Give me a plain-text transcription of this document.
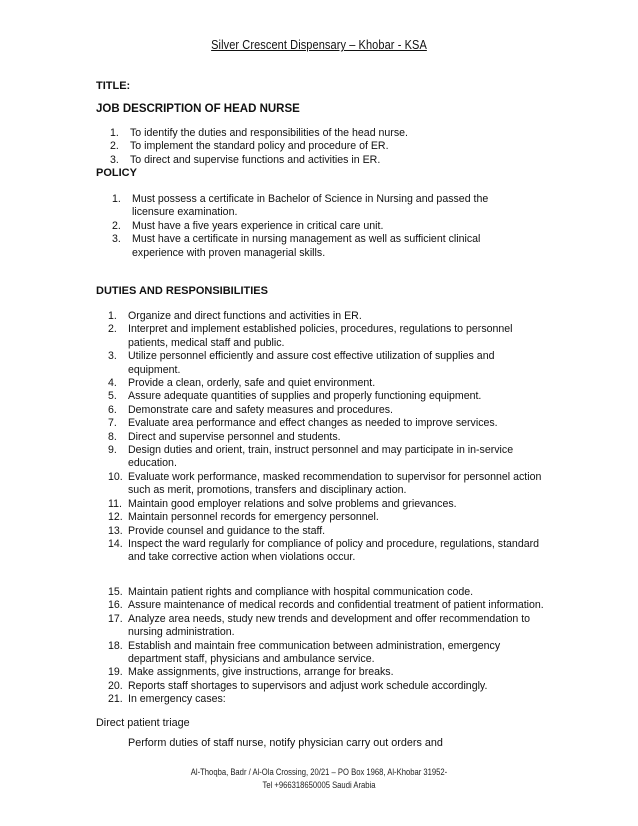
Silver Crescent Dispensary – Khobar - KSA
TITLE:
JOB DESCRIPTION OF HEAD NURSE
1. To identify the duties and responsibilities of the head nurse.
2. To implement the standard policy and procedure of ER.
3. To direct and supervise functions and activities in ER.
POLICY
1. Must possess a certificate in Bachelor of Science in Nursing and passed the licensure examination.
2. Must have a five years experience in critical care unit.
3. Must have a certificate in nursing management as well as sufficient clinical experience with proven managerial skills.
DUTIES AND RESPONSIBILITIES
1. Organize and direct functions and activities in ER.
2. Interpret and implement established policies, procedures, regulations to personnel patients, medical staff and public.
3. Utilize personnel efficiently and assure cost effective utilization of supplies and equipment.
4. Provide a clean, orderly, safe and quiet environment.
5. Assure adequate quantities of supplies and properly functioning equipment.
6. Demonstrate care and safety measures and procedures.
7. Evaluate area performance and effect changes as needed to improve services.
8. Direct and supervise personnel and students.
9. Design duties and orient, train, instruct personnel and may participate in in-service education.
10. Evaluate work performance, masked recommendation to supervisor for personnel action such as merit, promotions, transfers and disciplinary action.
11. Maintain good employer relations and solve problems and grievances.
12. Maintain personnel records for emergency personnel.
13. Provide counsel and guidance to the staff.
14. Inspect the ward regularly for compliance of policy and procedure, regulations, standard and take corrective action when violations occur.
15. Maintain patient rights and compliance with hospital communication code.
16. Assure maintenance of medical records and confidential treatment of patient information.
17. Analyze area needs, study new trends and development and offer recommendation to nursing administration.
18. Establish and maintain free communication between administration, emergency department staff, physicians and ambulance service.
19. Make assignments, give instructions, arrange for breaks.
20. Reports staff shortages to supervisors and adjust work schedule accordingly.
21. In emergency cases:
Direct patient triage
Perform duties of staff nurse, notify physician carry out orders and
Al-Thoqba, Badr / Al-Ola Crossing, 20/21 – PO Box 1968, Al-Khobar 31952-
Tel +966318650005 Saudi Arabia
